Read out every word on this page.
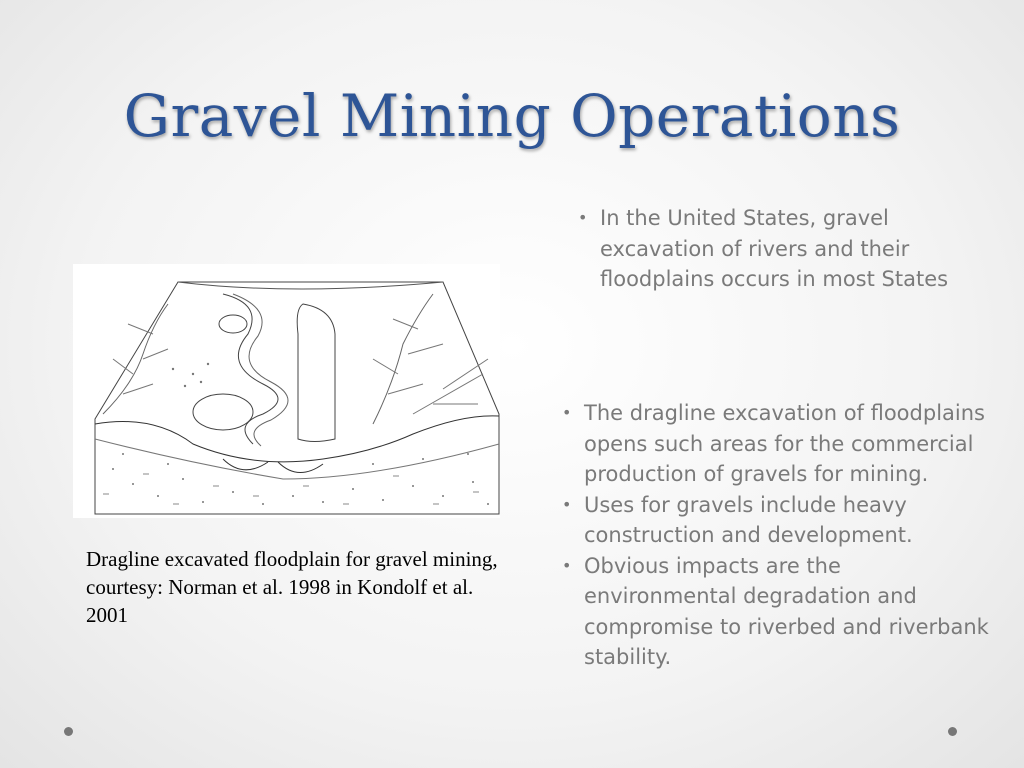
Gravel Mining Operations
Dragline excavated floodplain for gravel mining, courtesy: Norman et al. 1998 in Kondolf et al. 2001
• In the United States, gravel excavation of rivers and their floodplains occurs in most States
• The dragline excavation of floodplains opens such areas for the commercial production of gravels for mining.
• Uses for gravels include heavy construction and development.
• Obvious impacts are the environmental degradation and compromise to riverbed and riverbank stability.
